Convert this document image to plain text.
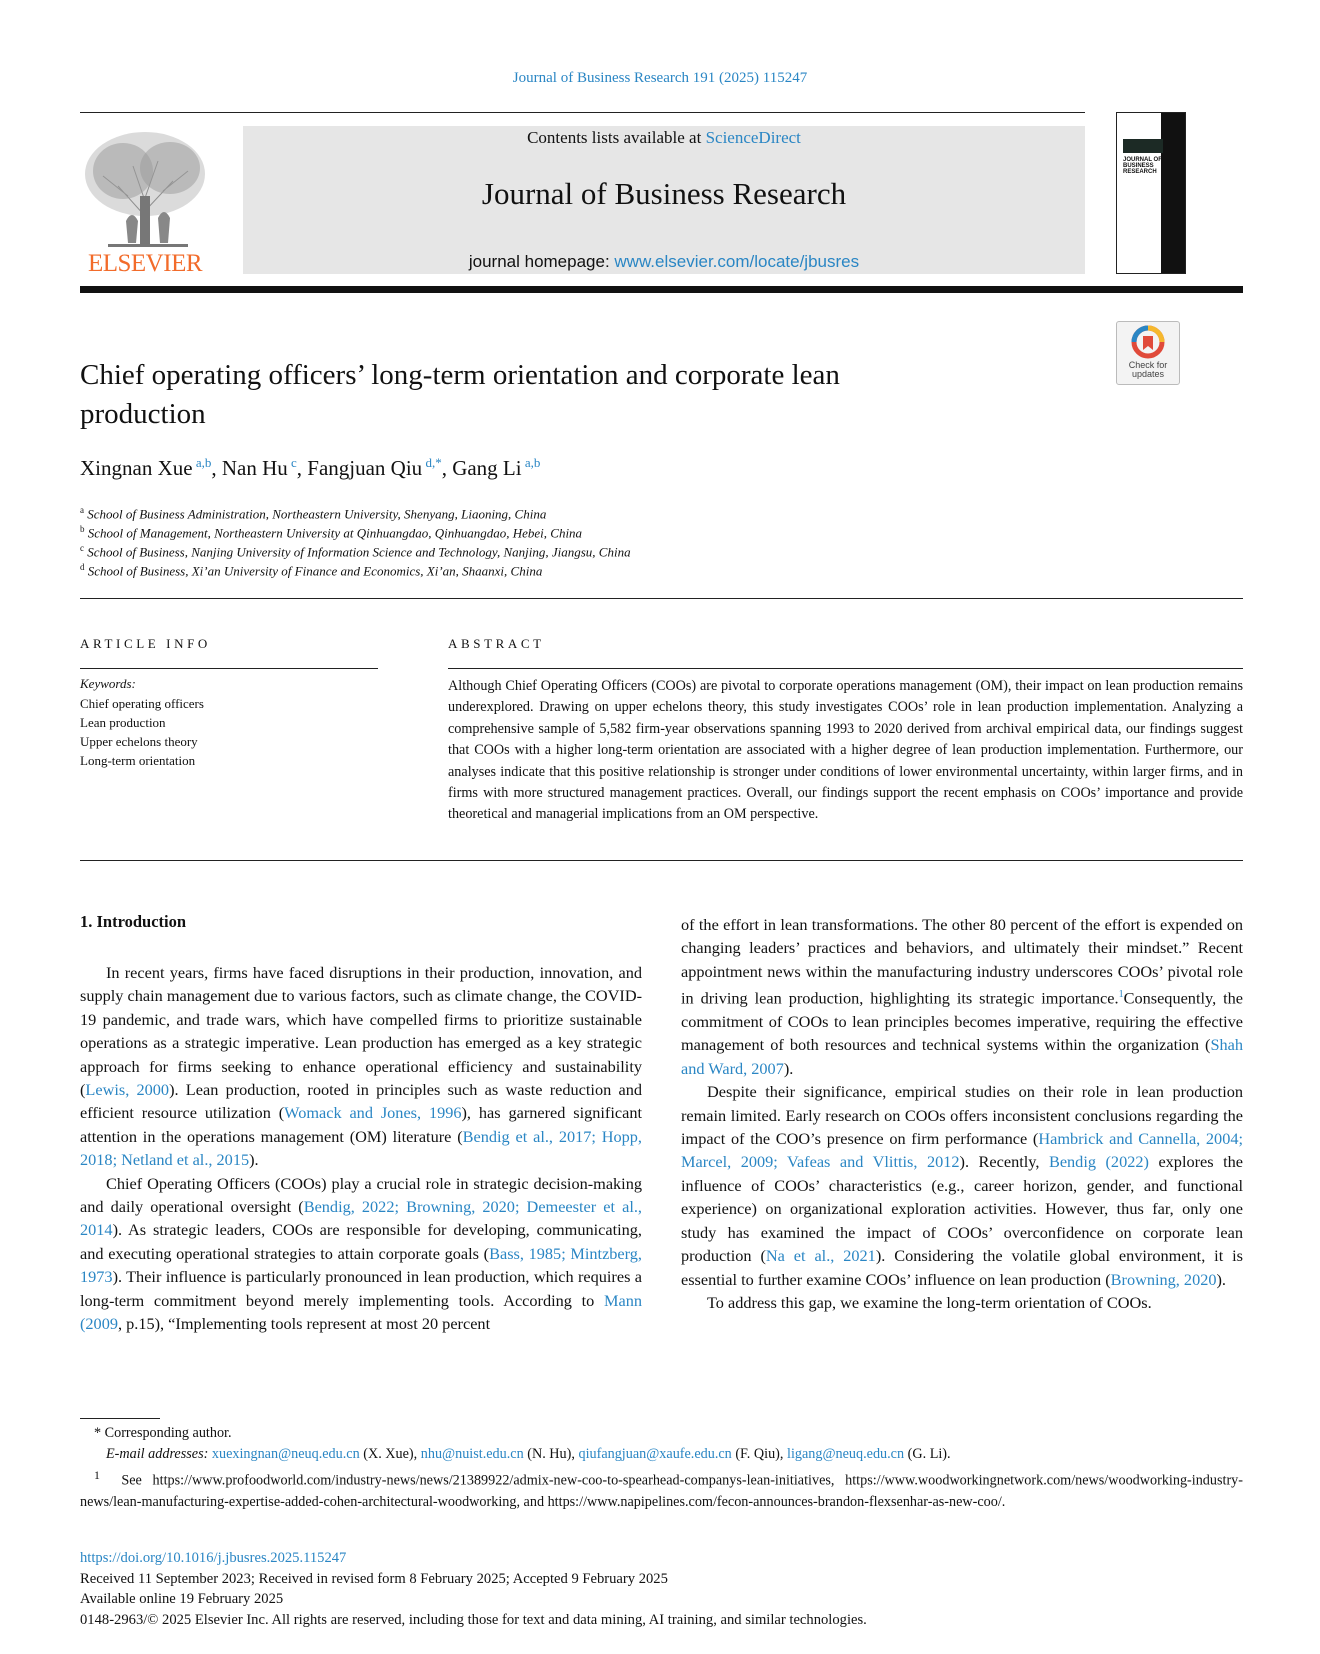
Journal of Business Research 191 (2025) 115247
ELSEVIER
Contents lists available at ScienceDirect
Journal of Business Research
journal homepage: www.elsevier.com/locate/jbusres
JOURNAL OF BUSINESS RESEARCH
Check for updates
Chief operating officers’ long-term orientation and corporate lean production
Xingnan Xue $^{a,b}$, Nan Hu $^c$, Fangjuan Qiu $^{d,*}$, Gang Li $^{a,b}$
$^a$ School of Business Administration, Northeastern University, Shenyang, Liaoning, China
$^b$ School of Management, Northeastern University at Qinhuangdao, Qinhuangdao, Hebei, China
$^c$ School of Business, Nanjing University of Information Science and Technology, Nanjing, Jiangsu, China
$^d$ School of Business, Xi’an University of Finance and Economics, Xi’an, Shaanxi, China
ARTICLE INFO
Keywords:
Chief operating officers
Lean production
Upper echelons theory
Long-term orientation
ABSTRACT
Although Chief Operating Officers (COOs) are pivotal to corporate operations management (OM), their impact on lean production remains underexplored. Drawing on upper echelons theory, this study investigates COOs’ role in lean production implementation. Analyzing a comprehensive sample of 5,582 firm-year observations spanning 1993 to 2020 derived from archival empirical data, our findings suggest that COOs with a higher long-term orientation are associated with a higher degree of lean production implementation. Furthermore, our analyses indicate that this positive relationship is stronger under conditions of lower environmental uncertainty, within larger firms, and in firms with more structured management practices. Overall, our findings support the recent emphasis on COOs’ importance and provide theoretical and managerial implications from an OM perspective.
1. Introduction

In recent years, firms have faced disruptions in their production, innovation, and supply chain management due to various factors, such as climate change, the COVID-19 pandemic, and trade wars, which have compelled firms to prioritize sustainable operations as a strategic imperative. Lean production has emerged as a key strategic approach for firms seeking to enhance operational efficiency and sustainability (Lewis, 2000). Lean production, rooted in principles such as waste reduction and efficient resource utilization (Womack and Jones, 1996), has garnered significant attention in the operations management (OM) literature (Bendig et al., 2017; Hopp, 2018; Netland et al., 2015).

Chief Operating Officers (COOs) play a crucial role in strategic decision-making and daily operational oversight (Bendig, 2022; Browning, 2020; Demeester et al., 2014). As strategic leaders, COOs are responsible for developing, communicating, and executing operational strategies to attain corporate goals (Bass, 1985; Mintzberg, 1973). Their influence is particularly pronounced in lean production, which requires a long-term commitment beyond merely implementing tools. According to Mann (2009, p.15), “Implementing tools represent at most 20 percent

of the effort in lean transformations. The other 80 percent of the effort is expended on changing leaders’ practices and behaviors, and ultimately their mindset.” Recent appointment news within the manufacturing industry underscores COOs’ pivotal role in driving lean production, highlighting its strategic importance.$^1$Consequently, the commitment of COOs to lean principles becomes imperative, requiring the effective management of both resources and technical systems within the organization (Shah and Ward, 2007).

Despite their significance, empirical studies on their role in lean production remain limited. Early research on COOs offers inconsistent conclusions regarding the impact of the COO’s presence on firm performance (Hambrick and Cannella, 2004; Marcel, 2009; Vafeas and Vlittis, 2012). Recently, Bendig (2022) explores the influence of COOs’ characteristics (e.g., career horizon, gender, and functional experience) on organizational exploration activities. However, thus far, only one study has examined the impact of COOs’ overconfidence on corporate lean production (Na et al., 2021). Considering the volatile global environment, it is essential to further examine COOs’ influence on lean production (Browning, 2020).

To address this gap, we examine the long-term orientation of COOs.

* Corresponding author.

E-mail addresses: xuexingnan@neuq.edu.cn (X. Xue), nhu@nuist.edu.cn (N. Hu), qiufangjuan@xaufe.edu.cn (F. Qiu), ligang@neuq.edu.cn (G. Li).

$^1$ See https://www.profoodworld.com/industry-news/news/21389922/admix-new-coo-to-spearhead-companys-lean-initiatives, https://www.woodworkingnetwork.com/news/woodworking-industry-news/lean-manufacturing-expertise-added-cohen-architectural-woodworking, and https://www.napipelines.com/fecon-announces-brandon-flexsenhar-as-new-coo/.

https://doi.org/10.1016/j.jbusres.2025.115247
Received 11 September 2023; Received in revised form 8 February 2025; Accepted 9 February 2025
Available online 19 February 2025
0148-2963/© 2025 Elsevier Inc. All rights are reserved, including those for text and data mining, AI training, and similar technologies.
